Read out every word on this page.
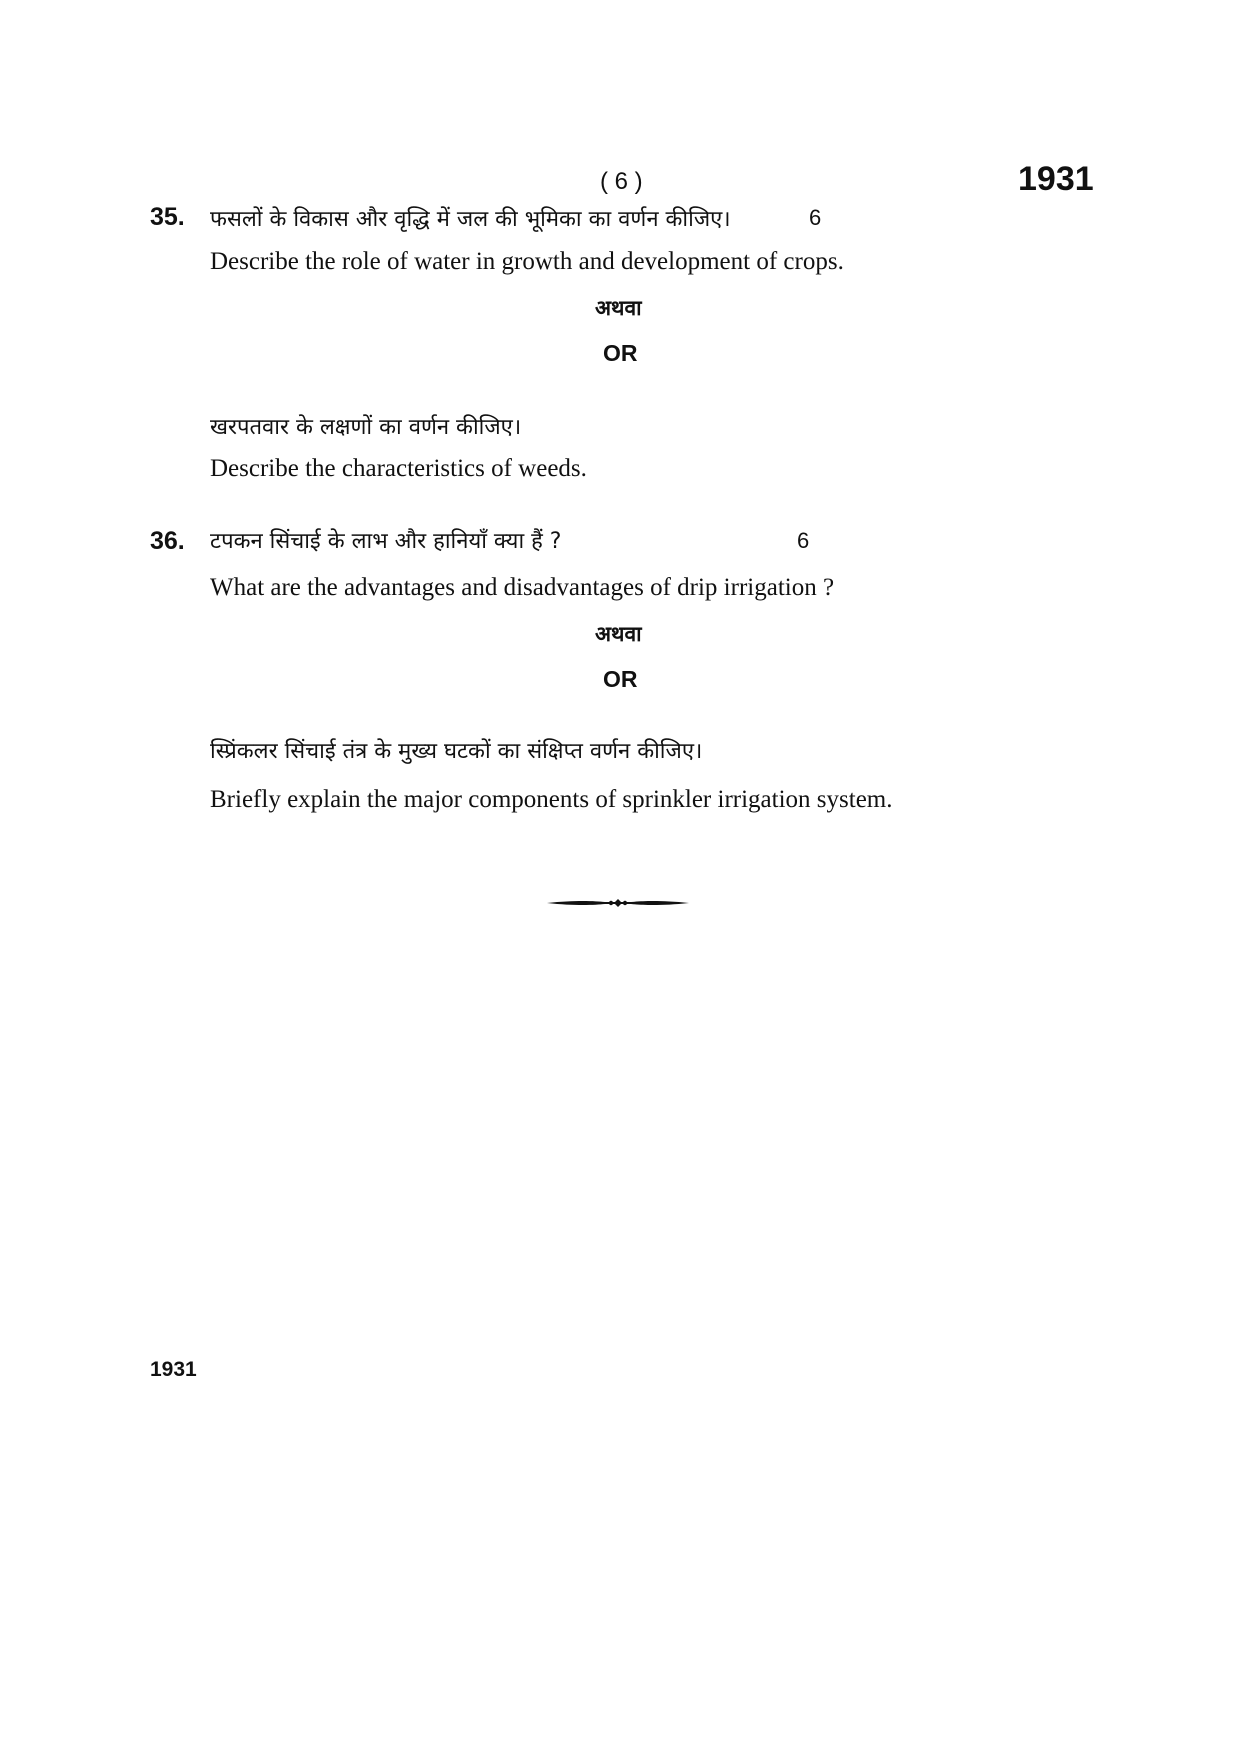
( 6 )	1931
35. फसलों के विकास और वृद्धि में जल की भूमिका का वर्णन कीजिए।	6
Describe the role of water in growth and development of crops.
अथवा
OR
खरपतवार के लक्षणों का वर्णन कीजिए।
Describe the characteristics of weeds.
36. टपकन सिंचाई के लाभ और हानियाँ क्या हैं ?	6
What are the advantages and disadvantages of drip irrigation ?
अथवा
OR
स्प्रिंकलर सिंचाई तंत्र के मुख्य घटकों का संक्षिप्त वर्णन कीजिए।
Briefly explain the major components of sprinkler irrigation system.
1931
